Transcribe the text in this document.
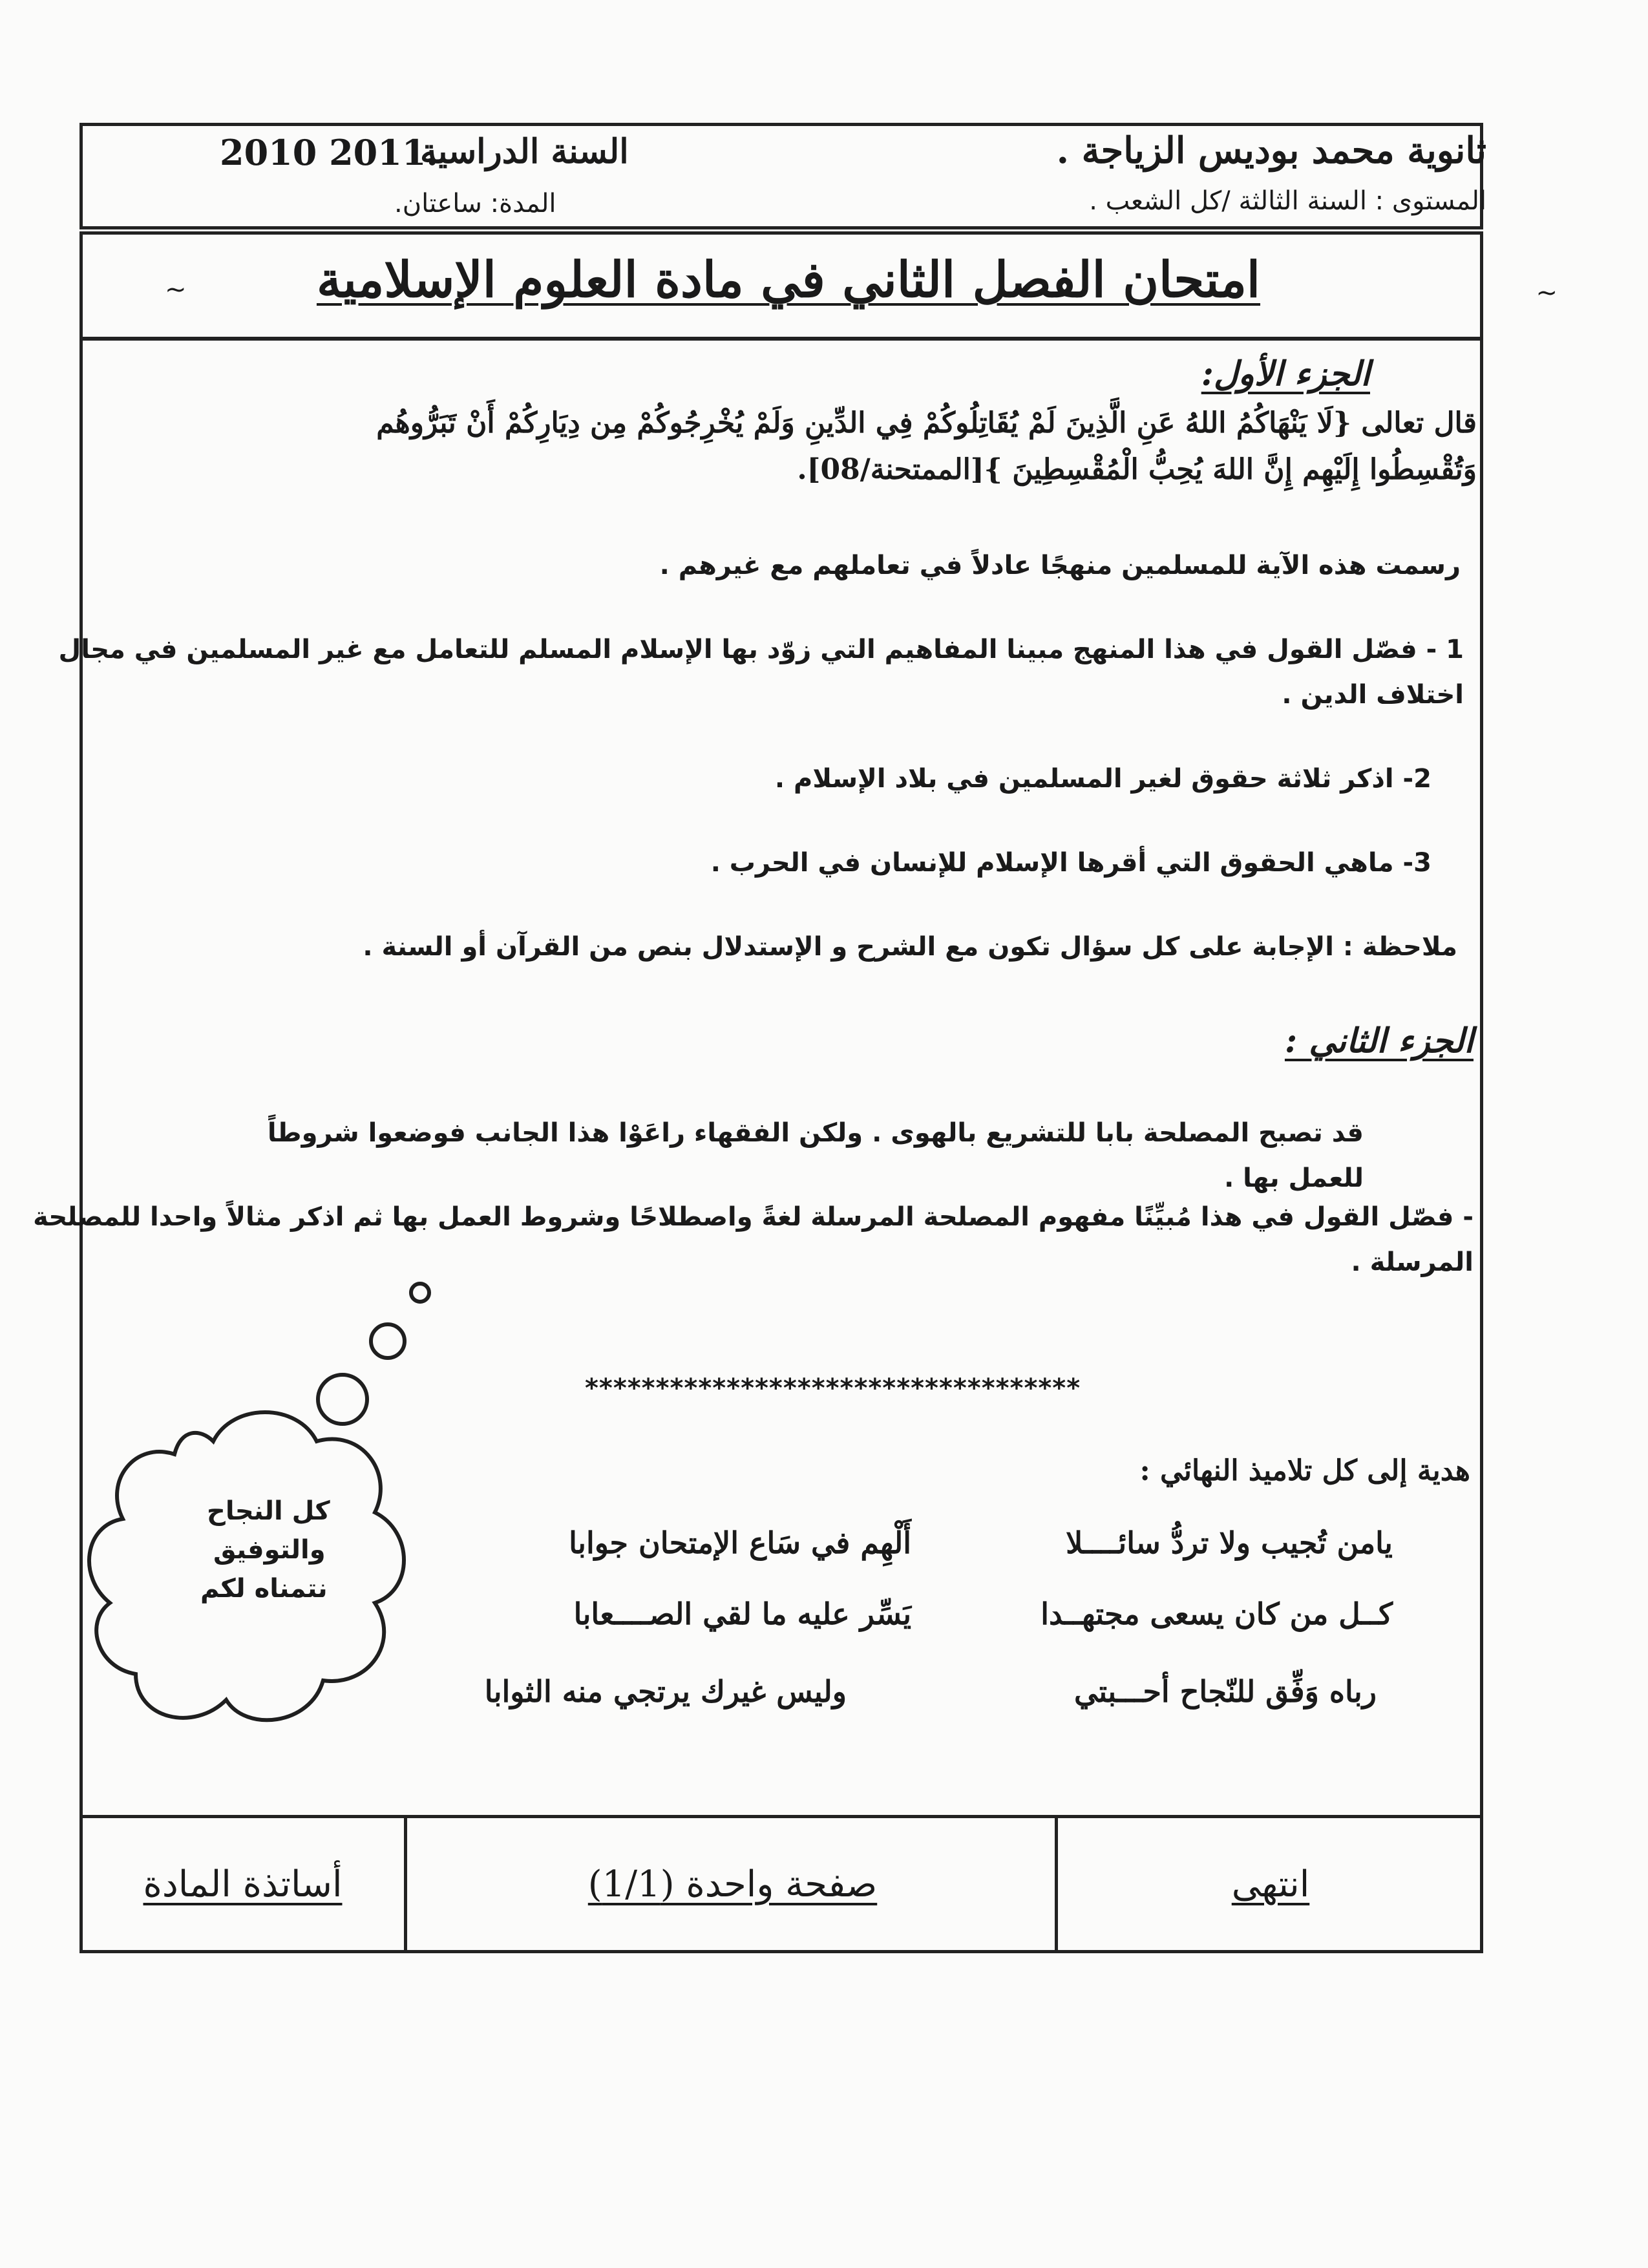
ثانوية محمد بوديس الزياجة .
السنة الدراسية
2010 2011.
المستوى : السنة الثالثة /كل الشعب .
المدة: ساعتان.
امتحان الفصل الثاني في مادة العلوم الإسلامية	~
~
الجزء الأول:
قال تعالى {لَا يَنْهَاكُمُ اللهُ عَنِ الَّذِينَ لَمْ يُقَاتِلُوكُمْ فِي الدِّينِ وَلَمْ يُخْرِجُوكُمْ مِن دِيَارِكُمْ أَنْ تَبَرُّوهُم
وَتُقْسِطُوا إِلَيْهِم إِنَّ اللهَ يُحِبُّ الْمُقْسِطِينَ }[الممتحنة/08].
رسمت هذه الآية للمسلمين منهجًا عادلاً في تعاملهم مع غيرهم .
1 - فصّل القول في هذا المنهج مبينا المفاهيم التي زوّد بها الإسلام المسلم للتعامل مع غير المسلمين في مجال
اختلاف الدين .
2- اذكر ثلاثة حقوق لغير المسلمين في بلاد الإسلام .
3- ماهي الحقوق التي أقرها الإسلام للإنسان في الحرب .
ملاحظة : الإجابة على كل سؤال تكون مع الشرح و الإستدلال بنص من القرآن أو السنة .
الجزء الثاني :
قد تصبح المصلحة بابا للتشريع بالهوى . ولكن الفقهاء راعَوْا هذا الجانب فوضعوا شروطاً للعمل بها .
- فصّل القول في هذا مُبيِّنًا مفهوم المصلحة المرسلة لغةً واصطلاحًا وشروط العمل بها ثم اذكر مثالاً واحدا للمصلحة
المرسلة .
***********************************
هدية إلى كل تلاميذ النهائي :
يامن تُجيب ولا تردُّ سائــــلا
أَلْهِم في سَاع الإمتحان جوابا
كــل من كان يسعى مجتهــدا
يَسِّر عليه ما لقي الصــــعابا
رباه وَفِّق للنّجاح أحـــبتي
وليس غيرك يرتجي منه الثوابا
كل النجاح
والتوفيق
نتمناه لكم
انتهى
صفحة واحدة (1/1)
أساتذة المادة
